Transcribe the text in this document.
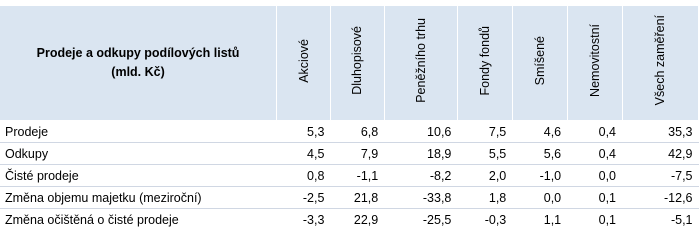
Prodeje a odkupy podílových listů
(mld. Kč)	Akciové	Dluhopisové	Peněžního trhu	Fondy fondů	Smíšené	Nemovitostní	Všech zaměření
Prodeje	5,3	6,8	10,6	7,5	4,6	0,4	35,3
Odkupy	4,5	7,9	18,9	5,5	5,6	0,4	42,9
Čisté prodeje	0,8	-1,1	-8,2	2,0	-1,0	0,0	-7,5
Změna objemu majetku (meziroční)	-2,5	21,8	-33,8	1,8	0,0	0,1	-12,6
Změna očištěná o čisté prodeje	-3,3	22,9	-25,5	-0,3	1,1	0,1	-5,1
